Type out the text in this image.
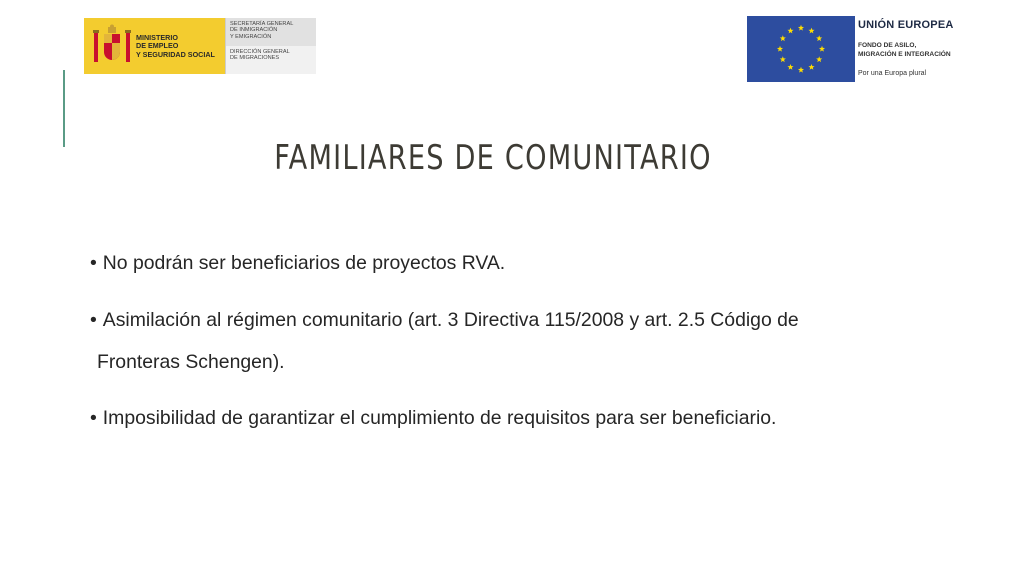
MINISTERIO
DE EMPLEO
Y SEGURIDAD SOCIAL
SECRETARÍA GENERAL
DE INMIGRACIÓN
Y EMIGRACIÓN
DIRECCIÓN GENERAL
DE MIGRACIONES
UNIÓN EUROPEA
FONDO DE ASILO,
MIGRACIÓN E INTEGRACIÓN
Por una Europa plural
FAMILIARES DE COMUNITARIO
• No podrán ser beneficiarios de proyectos RVA.
• Asimilación al régimen comunitario (art. 3 Directiva 115/2008 y art. 2.5 Código de
Fronteras Schengen).
• Imposibilidad de garantizar el cumplimiento de requisitos para ser beneficiario.
